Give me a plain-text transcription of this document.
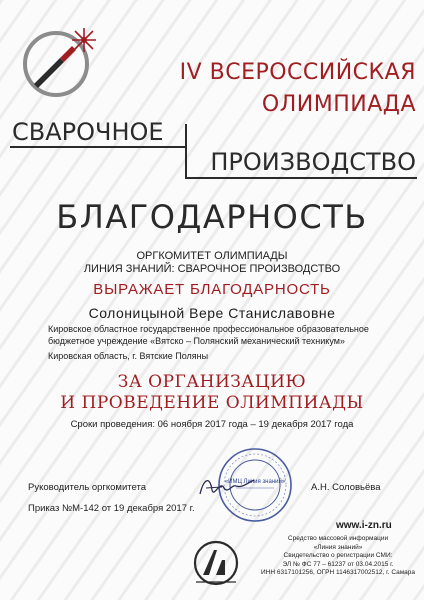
IV ВСЕРОССИЙСКАЯ
ОЛИМПИАДА
СВАРОЧНОЕ
ПРОИЗВОДСТВО
БЛАГОДАРНОСТЬ
ОРГКОМИТЕТ ОЛИМПИАДЫ
ЛИНИЯ ЗНАНИЙ: СВАРОЧНОЕ ПРОИЗВОДСТВО
ВЫРАЖАЕТ БЛАГОДАРНОСТЬ
Солоницыной Вере Станиславовне
Кировское областное государственное профессиональное образовательное
бюджетное учреждение «Вятско – Полянский механический техникум»
Кировская область, г. Вятские Поляны
ЗА ОРГАНИЗАЦИЮ
И ПРОВЕДЕНИЕ ОЛИМПИАДЫ
Сроки проведения: 06 ноября 2017 года – 19 декабря 2017 года
Руководитель оргкомитета	«ИМЦ Линия знаний»	А.Н. Соловьёва
Приказ №М-142 от 19 декабря 2017 г.
www.i-zn.ru
Средство массовой информации
«Линия знаний»
Свидетельство о регистрации СМИ:
ЭЛ № ФС 77 – 61237 от 03.04.2015 г.
ИНН 6317101256, ОГРН 1146317002512, г. Самара
